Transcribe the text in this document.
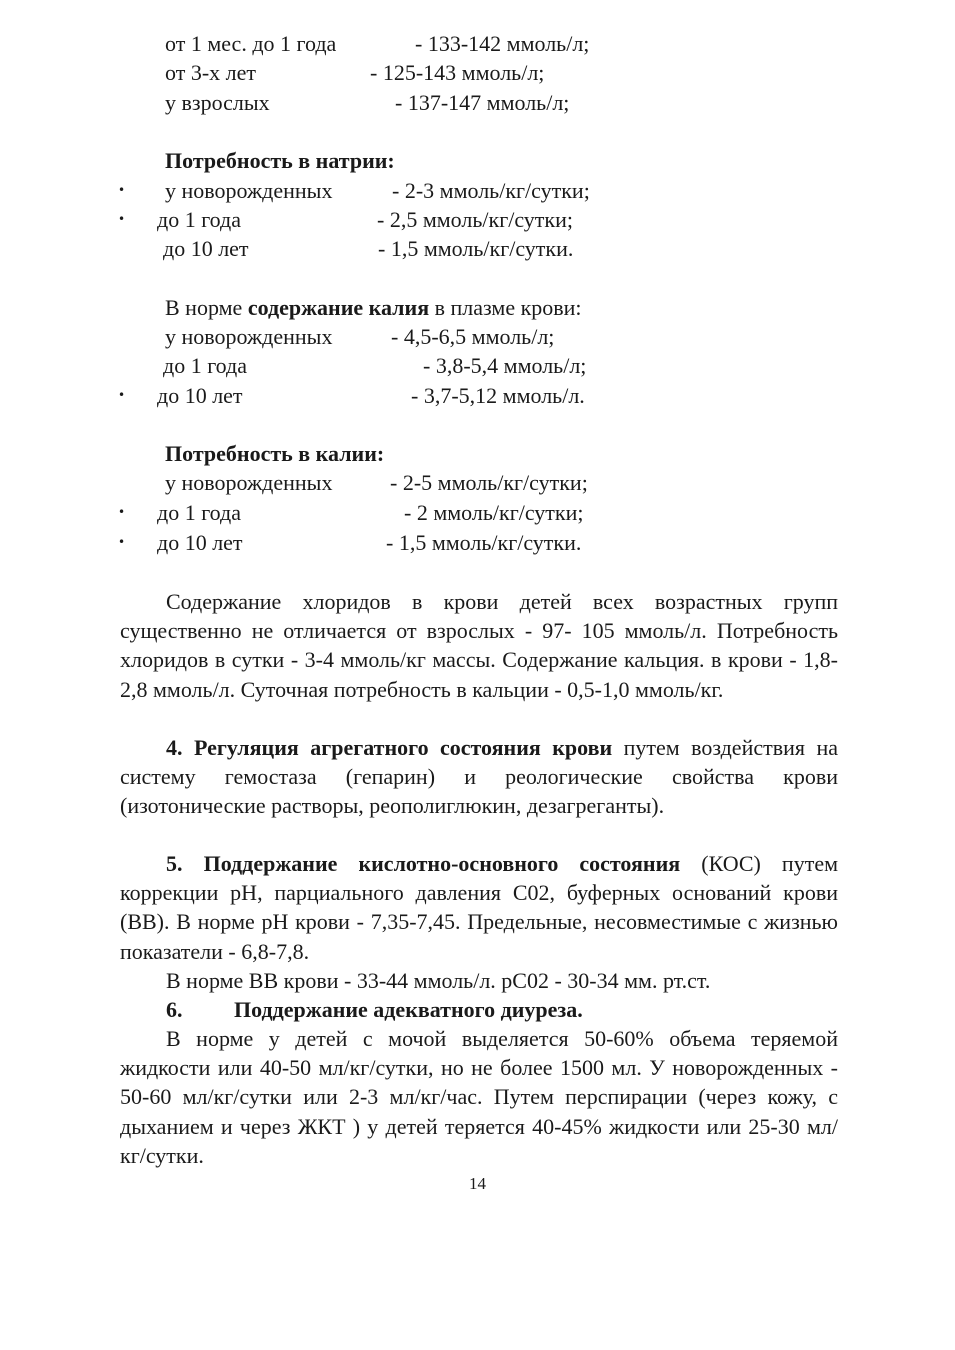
от 1 мес. до 1 года	- 133-142 ммоль/л;
от 3-х лет	- 125-143 ммоль/л;
у взрослых	- 137-147 ммоль/л;
Потребность в натрии:
• у новорожденных	- 2-3 ммоль/кг/сутки;
• до 1 года	- 2,5 ммоль/кг/сутки;
до 10 лет	- 1,5 ммоль/кг/сутки.
В норме содержание калия в плазме крови:
у новорожденных	- 4,5-6,5 ммоль/л;
до 1 года	- 3,8-5,4 ммоль/л;
• до 10 лет	- 3,7-5,12 ммоль/л.
Потребность в калии:
у новорожденных	- 2-5 ммоль/кг/сутки;
• до 1 года	- 2 ммоль/кг/сутки;
• до 10 лет	- 1,5 ммоль/кг/сутки.

Содержание хлоридов в крови детей всех возрастных групп существенно не отличается от взрослых - 97- 105 ммоль/л. Потребность хлоридов в сутки - 3-4 ммоль/кг массы. Содержание кальция. в крови - 1,8-2,8 ммоль/л. Суточная потребность в кальции - 0,5-1,0 ммоль/кг.

4. Регуляция агрегатного состояния крови путем воздействия на систему гемостаза (гепарин) и реологические свойства крови (изотонические растворы, реополиглюкин, дезагреганты).

5. Поддержание кислотно-основного состояния (КОС) путем коррекции pH, парциального давления С02, буферных оснований крови (ВВ). В норме pH крови - 7,35-7,45. Предельные, несовместимые с жизнью показатели - 6,8-7,8.

В норме ВВ крови - 33-44 ммоль/л. рС02 - 30-34 мм. рт.ст.
6. Поддержание адекватного диуреза.

В норме у детей с мочой выделяется 50-60% объема теряемой жидкости или 40-50 мл/кг/сутки, но не более 1500 мл. У новорожденных - 50-60 мл/кг/сутки или 2-3 мл/кг/час. Путем перспирации (через кожу, с дыханием и через ЖКТ ) у детей теряется 40-45% жидкости или 25-30 мл/кг/сутки.

14
